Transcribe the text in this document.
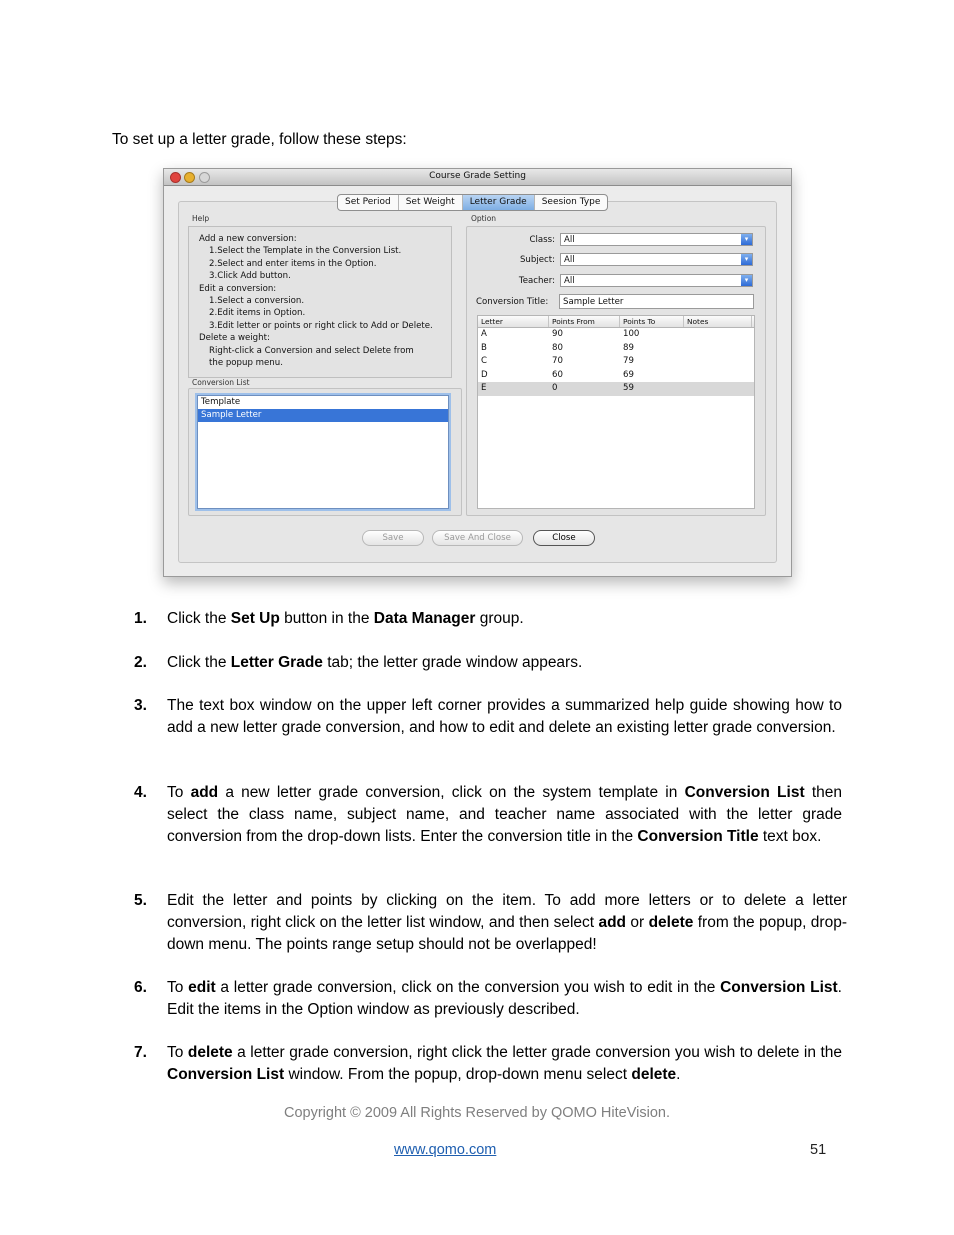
To set up a letter grade, follow these steps:
Course Grade Setting
Set Period	Set Weight	Letter Grade	Seesion Type
Help
Add a new conversion:
1.Select the Template in the Conversion List.
2.Select and enter items in the Option.
3.Click Add button.
Edit a conversion:
1.Select a conversion.
2.Edit items in Option.
3.Edit letter or points or right click to Add or Delete.
Delete a weight:
Right-click a Conversion and select Delete from
the popup menu.
Conversion List
Template
Sample Letter
Option
Class:	All	▾
Subject:	All	▾
Teacher:	All	▾
Conversion Title:	Sample Letter
Letter	Points From	Points To	Notes
A	90	100
B	80	89
C	70	79
D	60	69
E	0	59
Save	Save And Close	Close
1. Click the Set Up button in the Data Manager group.
2. Click the Letter Grade tab; the letter grade window appears.
3. The text box window on the upper left corner provides a summarized help guide showing how to add a new letter grade conversion, and how to edit and delete an existing letter grade conversion.
4. To add a new letter grade conversion, click on the system template in Conversion List then select the class name, subject name, and teacher name associated with the letter grade conversion from the drop-down lists. Enter the conversion title in the Conversion Title text box.
5. Edit the letter and points by clicking on the item. To add more letters or to delete a letter conversion, right click on the letter list window, and then select add or delete from the popup, drop-down menu. The points range setup should not be overlapped!
6. To edit a letter grade conversion, click on the conversion you wish to edit in the Conversion List. Edit the items in the Option window as previously described.
7. To delete a letter grade conversion, right click the letter grade conversion you wish to delete in the Conversion List window. From the popup, drop-down menu select delete.
Copyright © 2009 All Rights Reserved by QOMO HiteVision.
www.qomo.com	51
